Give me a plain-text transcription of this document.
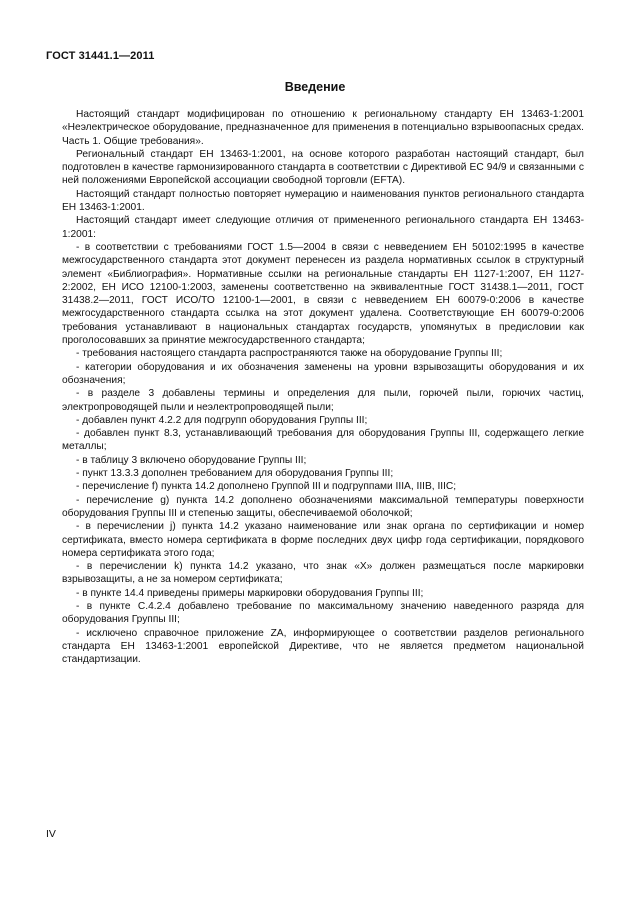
ГОСТ 31441.1—2011
Введение

Настоящий стандарт модифицирован по отношению к региональному стандарту ЕН 13463-1:2001 «Неэлектрическое оборудование, предназначенное для применения в потенциально взрывоопасных средах. Часть 1. Общие требования».

Региональный стандарт ЕН 13463-1:2001, на основе которого разработан настоящий стандарт, был подготовлен в качестве гармонизированного стандарта в соответствии с Директивой ЕС 94/9 и связанными с ней положениями Европейской ассоциации свободной торговли (EFTA).

Настоящий стандарт полностью повторяет нумерацию и наименования пунктов регионального стандарта ЕН 13463-1:2001.

Настоящий стандарт имеет следующие отличия от примененного регионального стандарта ЕН 13463-1:2001:

- в соответствии с требованиями ГОСТ 1.5—2004 в связи с невведением ЕН 50102:1995 в качестве межгосударственного стандарта этот документ перенесен из раздела нормативных ссылок в структурный элемент «Библиография». Нормативные ссылки на региональные стандарты ЕН 1127-1:2007, ЕН 1127-2:2002, ЕН ИСО 12100-1:2003, заменены соответственно на эквивалентные ГОСТ 31438.1—2011, ГОСТ 31438.2—2011, ГОСТ ИСО/ТО 12100-1—2001, в связи с невведением ЕН 60079-0:2006 в качестве межгосударственного стандарта ссылка на этот документ удалена. Соответствующие ЕН 60079-0:2006 требования устанавливают в национальных стандартах государств, упомянутых в предисловии как проголосовавших за принятие межгосударственного стандарта;

- требования настоящего стандарта распространяются также на оборудование Группы III;

- категории оборудования и их обозначения заменены на уровни взрывозащиты оборудования и их обозначения;

- в разделе 3 добавлены термины и определения для пыли, горючей пыли, горючих частиц, электропроводящей пыли и неэлектропроводящей пыли;

- добавлен пункт 4.2.2 для подгрупп оборудования Группы III;

- добавлен пункт 8.3, устанавливающий требования для оборудования Группы III, содержащего легкие металлы;

- в таблицу 3 включено оборудование Группы III;

- пункт 13.3.3 дополнен требованием для оборудования Группы III;

- перечисление f) пункта 14.2 дополнено Группой III и подгруппами IIIA, IIIB, IIIC;

- перечисление g) пункта 14.2 дополнено обозначениями максимальной температуры поверхности оборудования Группы III и степенью защиты, обеспечиваемой оболочкой;

- в перечислении j) пункта 14.2 указано наименование или знак органа по сертификации и номер сертификата, вместо номера сертификата в форме последних двух цифр года сертификации, порядкового номера сертификата этого года;

- в перечислении k) пункта 14.2 указано, что знак «X» должен размещаться после маркировки взрывозащиты, а не за номером сертификата;

- в пункте 14.4 приведены примеры маркировки оборудования Группы III;

- в пункте С.4.2.4 добавлено требование по максимальному значению наведенного разряда для оборудования Группы III;

- исключено справочное приложение ZA, информирующее о соответствии разделов регионального стандарта ЕН 13463-1:2001 европейской Директиве, что не является предметом национальной стандартизации.

IV
